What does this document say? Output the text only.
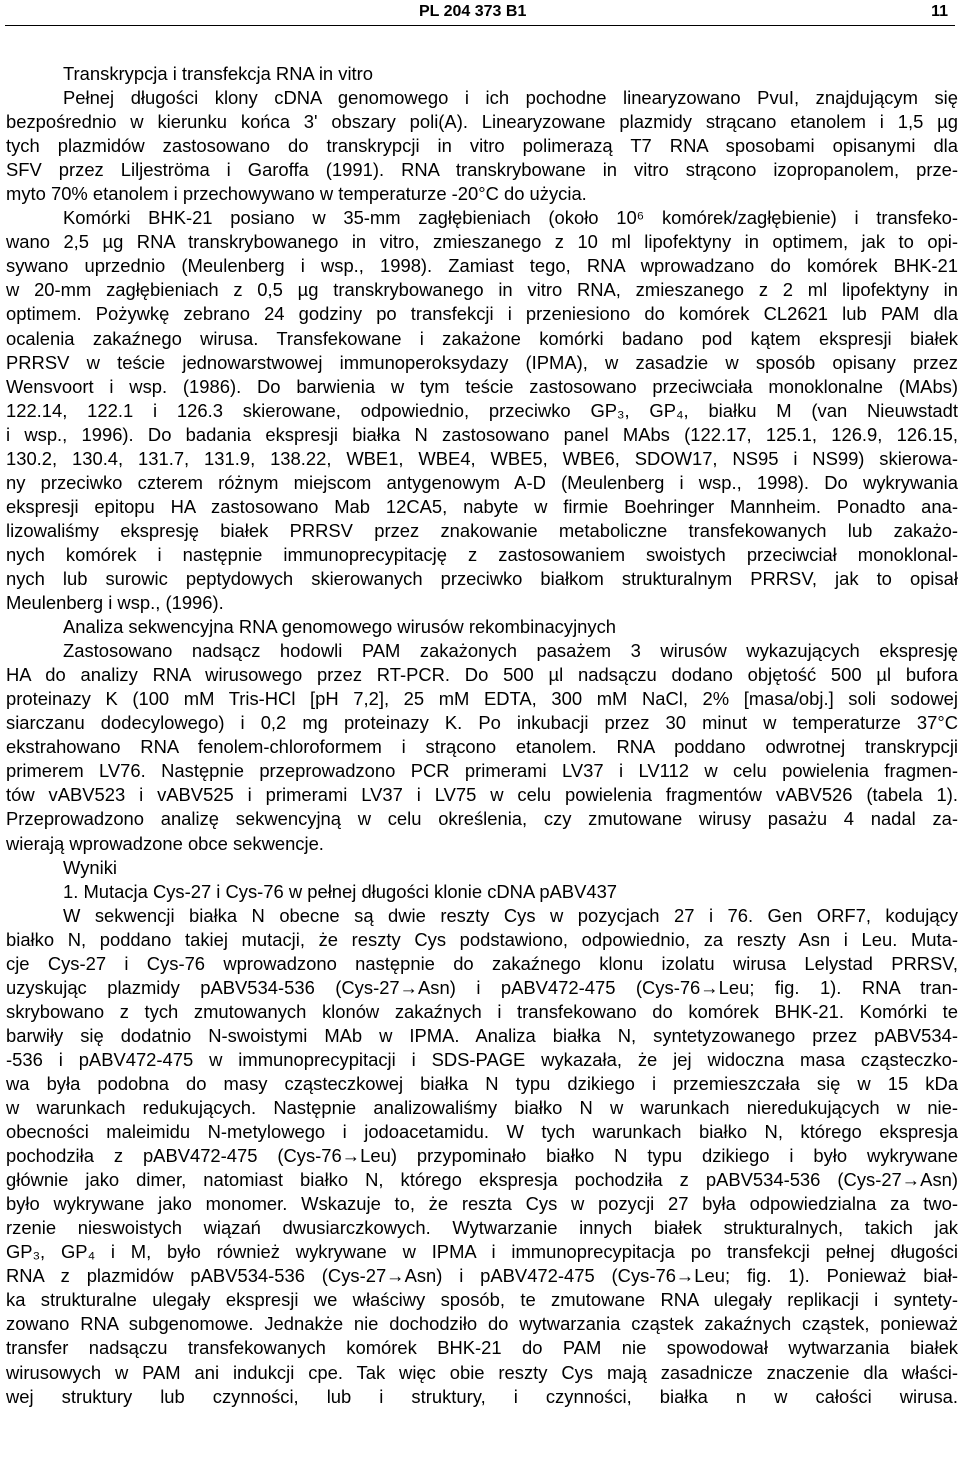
PL 204 373 B1	11
Transkrypcja i transfekcja RNA in vitro
Pełnej długości klony cDNA genomowego i ich pochodne linearyzowano PvuI, znajdującym się
bezpośrednio w kierunku końca 3' obszary poli(A). Linearyzowane plazmidy strącano etanolem i 1,5 µg
tych plazmidów zastosowano do transkrypcji in vitro polimerazą T7 RNA sposobami opisanymi dla
SFV przez Liljeströma i Garoffa (1991). RNA transkrybowane in vitro strącono izopropanolem, prze-
myto 70% etanolem i przechowywano w temperaturze -20°C do użycia.
Komórki BHK-21 posiano w 35-mm zagłębieniach (około 10⁶ komórek/zagłębienie) i transfeko-
wano 2,5 µg RNA transkrybowanego in vitro, zmieszanego z 10 ml lipofektyny in optimem, jak to opi-
sywano uprzednio (Meulenberg i wsp., 1998). Zamiast tego, RNA wprowadzano do komórek BHK-21
w 20-mm zagłębieniach z 0,5 µg transkrybowanego in vitro RNA, zmieszanego z 2 ml lipofektyny in
optimem. Pożywkę zebrano 24 godziny po transfekcji i przeniesiono do komórek CL2621 lub PAM dla
ocalenia zakaźnego wirusa. Transfekowane i zakażone komórki badano pod kątem ekspresji białek
PRRSV w teście jednowarstwowej immunoperoksydazy (IPMA), w zasadzie w sposób opisany przez
Wensvoort i wsp. (1986). Do barwienia w tym teście zastosowano przeciwciała monoklonalne (MAbs)
122.14, 122.1 i 126.3 skierowane, odpowiednio, przeciwko GP₃, GP₄, białku M (van Nieuwstadt
i wsp., 1996). Do badania ekspresji białka N zastosowano panel MAbs (122.17, 125.1, 126.9, 126.15,
130.2, 130.4, 131.7, 131.9, 138.22, WBE1, WBE4, WBE5, WBE6, SDOW17, NS95 i NS99) skierowa-
ny przeciwko czterem różnym miejscom antygenowym A-D (Meulenberg i wsp., 1998). Do wykrywania
ekspresji epitopu HA zastosowano Mab 12CA5, nabyte w firmie Boehringer Mannheim. Ponadto ana-
lizowaliśmy ekspresję białek PRRSV przez znakowanie metaboliczne transfekowanych lub zakażo-
nych komórek i następnie immunoprecypitację z zastosowaniem swoistych przeciwciał monoklonal-
nych lub surowic peptydowych skierowanych przeciwko białkom strukturalnym PRRSV, jak to opisał
Meulenberg i wsp., (1996).
Analiza sekwencyjna RNA genomowego wirusów rekombinacyjnych
Zastosowano nadsącz hodowli PAM zakażonych pasażem 3 wirusów wykazujących ekspresję
HA do analizy RNA wirusowego przez RT-PCR. Do 500 µl nadsączu dodano objętość 500 µl bufora
proteinazy K (100 mM Tris-HCl [pH 7,2], 25 mM EDTA, 300 mM NaCl, 2% [masa/obj.] soli sodowej
siarczanu dodecylowego) i 0,2 mg proteinazy K. Po inkubacji przez 30 minut w temperaturze 37°C
ekstrahowano RNA fenolem-chloroformem i strącono etanolem. RNA poddano odwrotnej transkrypcji
primerem LV76. Następnie przeprowadzono PCR primerami LV37 i LV112 w celu powielenia fragmen-
tów vABV523 i vABV525 i primerami LV37 i LV75 w celu powielenia fragmentów vABV526 (tabela 1).
Przeprowadzono analizę sekwencyjną w celu określenia, czy zmutowane wirusy pasażu 4 nadal za-
wierają wprowadzone obce sekwencje.
Wyniki
1. Mutacja Cys-27 i Cys-76 w pełnej długości klonie cDNA pABV437
W sekwencji białka N obecne są dwie reszty Cys w pozycjach 27 i 76. Gen ORF7, kodujący
białko N, poddano takiej mutacji, że reszty Cys podstawiono, odpowiednio, za reszty Asn i Leu. Muta-
cje Cys-27 i Cys-76 wprowadzono następnie do zakaźnego klonu izolatu wirusa Lelystad PRRSV,
uzyskując plazmidy pABV534-536 (Cys-27→Asn) i pABV472-475 (Cys-76→Leu; fig. 1). RNA tran-
skrybowano z tych zmutowanych klonów zakaźnych i transfekowano do komórek BHK-21. Komórki te
barwiły się dodatnio N-swoistymi MAb w IPMA. Analiza białka N, syntetyzowanego przez pABV534-
-536 i pABV472-475 w immunoprecypitacji i SDS-PAGE wykazała, że jej widoczna masa cząsteczko-
wa była podobna do masy cząsteczkowej białka N typu dzikiego i przemieszczała się w 15 kDa
w warunkach redukujących. Następnie analizowaliśmy białko N w warunkach nieredukujących w nie-
obecności maleimidu N-metylowego i jodoacetamidu. W tych warunkach białko N, którego ekspresja
pochodziła z pABV472-475 (Cys-76→Leu) przypominało białko N typu dzikiego i było wykrywane
głównie jako dimer, natomiast białko N, którego ekspresja pochodziła z pABV534-536 (Cys-27→Asn)
było wykrywane jako monomer. Wskazuje to, że reszta Cys w pozycji 27 była odpowiedzialna za two-
rzenie nieswoistych wiązań dwusiarczkowych. Wytwarzanie innych białek strukturalnych, takich jak
GP₃, GP₄ i M, było również wykrywane w IPMA i immunoprecypitacja po transfekcji pełnej długości
RNA z plazmidów pABV534-536 (Cys-27→Asn) i pABV472-475 (Cys-76→Leu; fig. 1). Ponieważ biał-
ka strukturalne ulegały ekspresji we właściwy sposób, te zmutowane RNA ulegały replikacji i syntety-
zowano RNA subgenomowe. Jednakże nie dochodziło do wytwarzania cząstek zakaźnych cząstek, ponieważ
transfer nadsączu transfekowanych komórek BHK-21 do PAM nie spowodował wytwarzania białek
wirusowych w PAM ani indukcji cpe. Tak więc obie reszty Cys mają zasadnicze znaczenie dla właści-
wej struktury lub czynności, lub i struktury, i czynności, białka n w całości wirusa.
